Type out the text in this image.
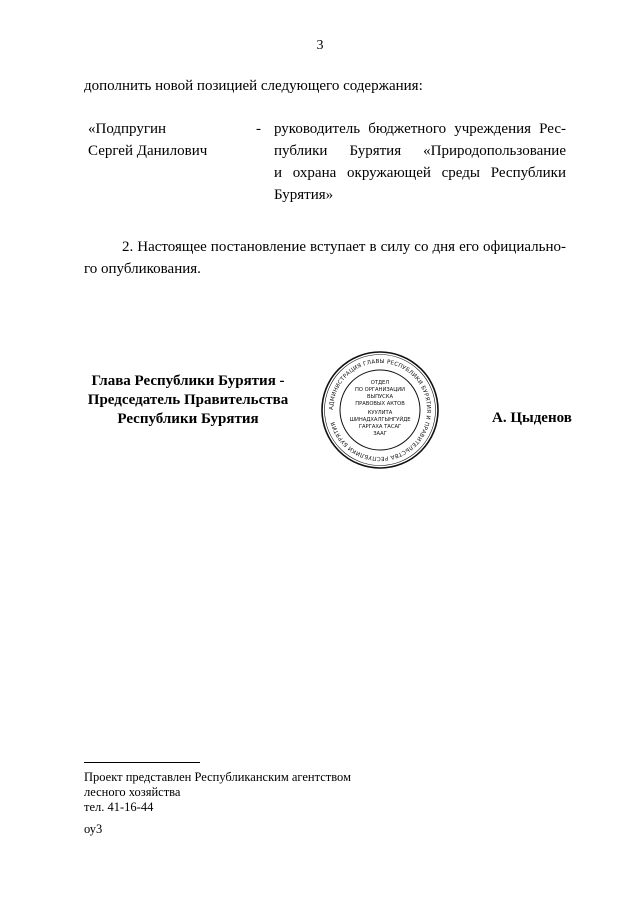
3
дополнить новой позицией следующего содержания:
«Подпругин
Сергей Данилович
- руководитель бюджетного учреждения Рес-
публики Бурятия «Природопользование
и охрана окружающей среды Республики
Бурятия»
2. Настоящее постановление вступает в силу со дня его официально-го опубликования.
Глава Республики Бурятия -
Председатель Правительства
Республики Бурятия
АДМИНИСТРАЦИЯ ГЛАВЫ РЕСПУБЛИКИ БУРЯТИЯ И ПРАВИТЕЛЬСТВА РЕСПУБЛИКИ БУРЯТИЯ
ОТДЕЛ
ПО ОРГАНИЗАЦИИ
ВЫПУСКА
ПРАВОВЫХ АКТОВ
КУУЛИТА
ШИНАДХАЛГЫНГУЙДЕ
ГАРГАХА ТАСАГ
ЗААГ
А. Цыденов
Проект представлен Республиканским агентством
лесного хозяйства
тел. 41-16-44
оу3
